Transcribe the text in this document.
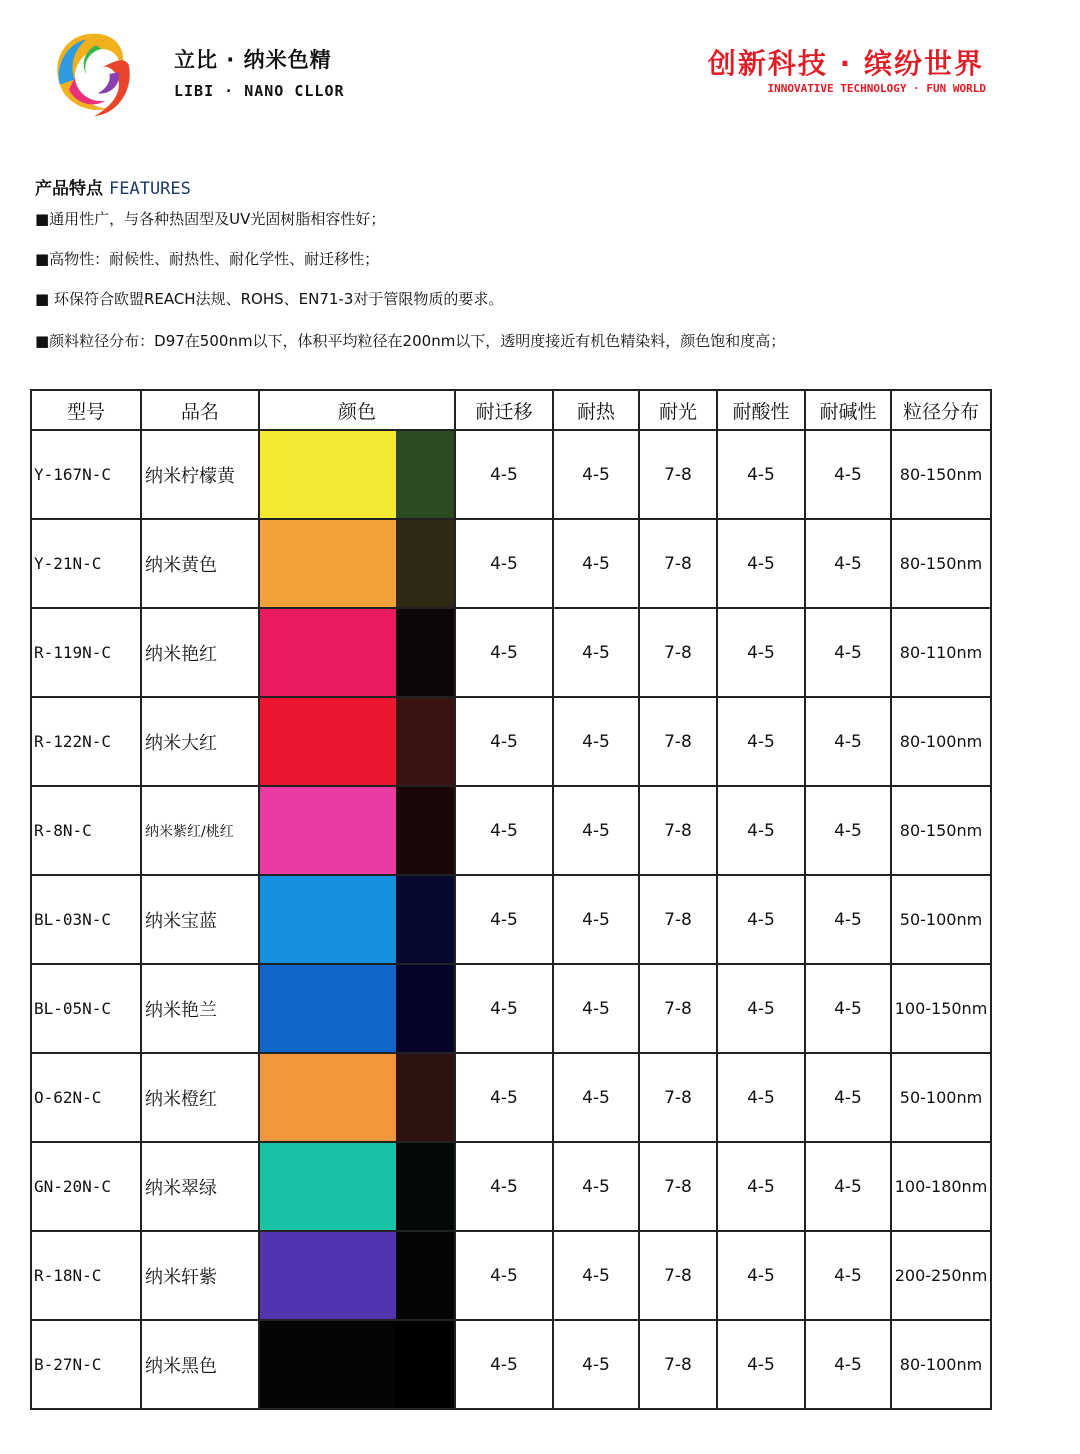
立比 · 纳米色精
LIBI · NANO CLLOR
创新科技 · 缤纷世界
INNOVATIVE TECHNOLOGY · FUN WORLD
产品特点 FEATURES
■通用性广，与各种热固型及UV光固树脂相容性好；
■高物性：耐候性、耐热性、耐化学性、耐迁移性；
■ 环保符合欧盟REACH法规、ROHS、EN71-3对于管限物质的要求。
■颜料粒径分布：D97在500nm以下，体积平均粒径在200nm以下，透明度接近有机色精染料，颜色饱和度高；
型号	品名	颜色	耐迁移	耐热	耐光	耐酸性	耐碱性	粒径分布
Y-167N-C	纳米柠檬黄		4-5	4-5	7-8	4-5	4-5	80-150nm
Y-21N-C	纳米黄色		4-5	4-5	7-8	4-5	4-5	80-150nm
R-119N-C	纳米艳红		4-5	4-5	7-8	4-5	4-5	80-110nm
R-122N-C	纳米大红		4-5	4-5	7-8	4-5	4-5	80-100nm
R-8N-C	纳米紫红/桃红		4-5	4-5	7-8	4-5	4-5	80-150nm
BL-03N-C	纳米宝蓝		4-5	4-5	7-8	4-5	4-5	50-100nm
BL-05N-C	纳米艳兰		4-5	4-5	7-8	4-5	4-5	100-150nm
O-62N-C	纳米橙红		4-5	4-5	7-8	4-5	4-5	50-100nm
GN-20N-C	纳米翠绿		4-5	4-5	7-8	4-5	4-5	100-180nm
R-18N-C	纳米轩紫		4-5	4-5	7-8	4-5	4-5	200-250nm
B-27N-C	纳米黑色		4-5	4-5	7-8	4-5	4-5	80-100nm
